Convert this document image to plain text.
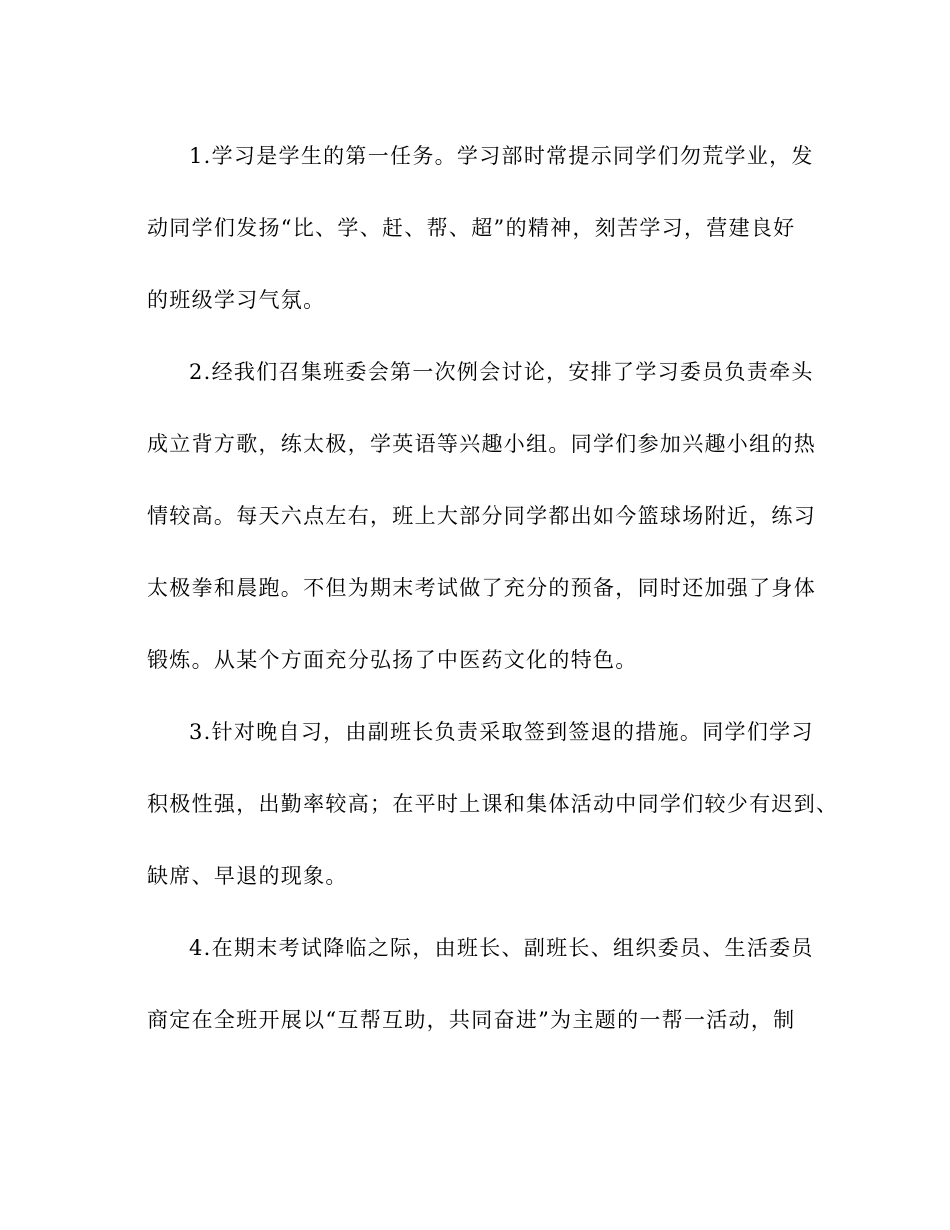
1.学习是学生的第一任务。学习部时常提示同学们勿荒学业，发
动同学们发扬“比、学、赶、帮、超”的精神，刻苦学习，营建良好
的班级学习气氛。
2.经我们召集班委会第一次例会讨论，安排了学习委员负责牵头
成立背方歌，练太极，学英语等兴趣小组。同学们参加兴趣小组的热
情较高。每天六点左右，班上大部分同学都出如今篮球场附近，练习
太极拳和晨跑。不但为期末考试做了充分的预备，同时还加强了身体
锻炼。从某个方面充分弘扬了中医药文化的特色。
3.针对晚自习，由副班长负责采取签到签退的措施。同学们学习
积极性强，出勤率较高；在平时上课和集体活动中同学们较少有迟到、
缺席、早退的现象。
4.在期末考试降临之际，由班长、副班长、组织委员、生活委员
商定在全班开展以“互帮互助，共同奋进”为主题的一帮一活动，制
